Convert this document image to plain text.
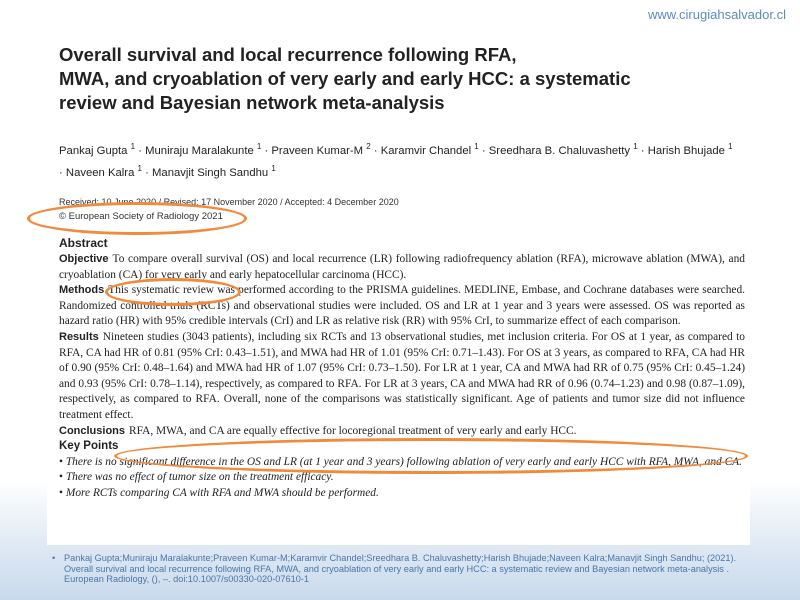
www.cirugiahsalvador.cl
Overall survival and local recurrence following RFA,
MWA, and cryoablation of very early and early HCC: a systematic
review and Bayesian network meta-analysis
Pankaj Gupta $^1$ · Muniraju Maralakunte $^1$ · Praveen Kumar-M $^2$ · Karamvir Chandel $^1$ · Sreedhara B. Chaluvashetty $^1$ · Harish Bhujade $^1$ · Naveen Kalra $^1$ · Manavjit Singh Sandhu $^1$
Received: 10 June 2020 / Revised: 17 November 2020 / Accepted: 4 December 2020
© European Society of Radiology 2021
Abstract

Objective To compare overall survival (OS) and local recurrence (LR) following radiofrequency ablation (RFA), microwave ablation (MWA), and cryoablation (CA) for very early and early hepatocellular carcinoma (HCC).

Methods This systematic review was performed according to the PRISMA guidelines. MEDLINE, Embase, and Cochrane databases were searched. Randomized controlled trials (RCTs) and observational studies were included. OS and LR at 1 year and 3 years were assessed. OS was reported as hazard ratio (HR) with 95% credible intervals (CrI) and LR as relative risk (RR) with 95% CrI, to summarize effect of each comparison.

Results Nineteen studies (3043 patients), including six RCTs and 13 observational studies, met inclusion criteria. For OS at 1 year, as compared to RFA, CA had HR of 0.81 (95% CrI: 0.43–1.51), and MWA had HR of 1.01 (95% CrI: 0.71–1.43). For OS at 3 years, as compared to RFA, CA had HR of 0.90 (95% CrI: 0.48–1.64) and MWA had HR of 1.07 (95% CrI: 0.73–1.50). For LR at 1 year, CA and MWA had RR of 0.75 (95% CrI: 0.45–1.24) and 0.93 (95% CrI: 0.78–1.14), respectively, as compared to RFA. For LR at 3 years, CA and MWA had RR of 0.96 (0.74–1.23) and 0.98 (0.87–1.09), respectively, as compared to RFA. Overall, none of the comparisons was statistically significant. Age of patients and tumor size did not influence treatment effect.

Conclusions RFA, MWA, and CA are equally effective for locoregional treatment of very early and early HCC.

Key Points

• There is no significant difference in the OS and LR (at 1 year and 3 years) following ablation of very early and early HCC with RFA, MWA, and CA.
• There was no effect of tumor size on the treatment efficacy.
• More RCTs comparing CA with RFA and MWA should be performed.
• Pankaj Gupta;Muniraju Maralakunte;Praveen Kumar-M;Karamvir Chandel;Sreedhara B. Chaluvashetty;Harish Bhujade;Naveen Kalra;Manavjit Singh Sandhu; (2021). Overall survival and local recurrence following RFA, MWA, and cryoablation of very early and early HCC: a systematic review and Bayesian network meta-analysis . European Radiology, (), –. doi:10.1007/s00330-020-07610-1
